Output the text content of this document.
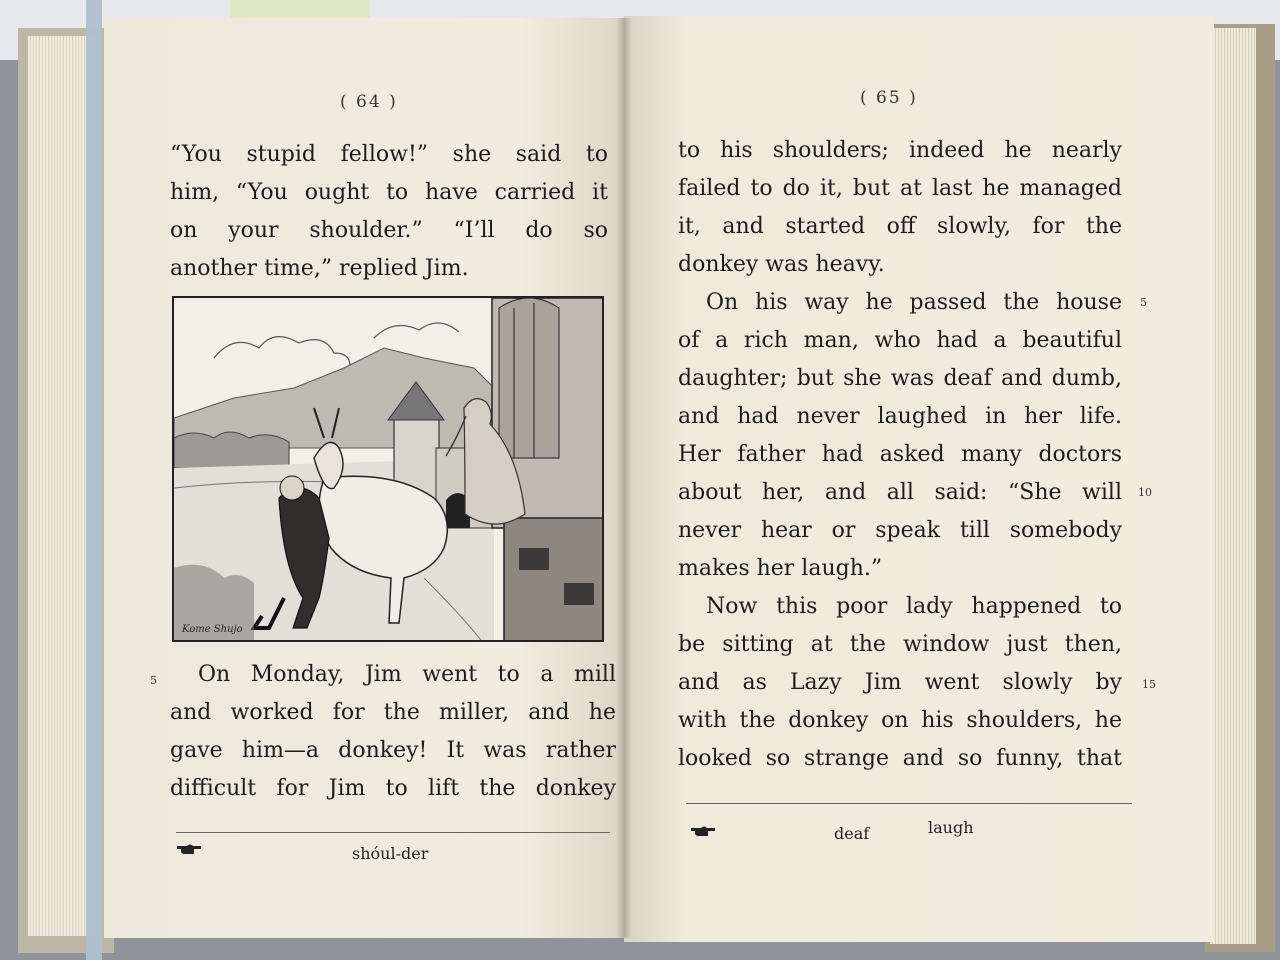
( 64 )
“You stupid fellow!” she said to
him, “You ought to have carried it
on your shoulder.” “I’ll do so
another time,” replied Jim.
Kome Shujo
5	On Monday, Jim went to a mill
and worked for the miller, and he
gave him—a donkey! It was rather
difficult for Jim to lift the donkey
shóul-der
( 65 )
to his shoulders; indeed he nearly
failed to do it, but at last he managed
it, and started off slowly, for the
donkey was heavy.
On his way he passed the house
of a rich man, who had a beautiful
daughter; but she was deaf and dumb,
and had never laughed in her life.
Her father had asked many doctors
about her, and all said: “She will
never hear or speak till somebody
makes her laugh.”
Now this poor lady happened to
be sitting at the window just then,
and as Lazy Jim went slowly by
with the donkey on his shoulders, he
looked so strange and so funny, that
5
10
15
deaf	laugh
